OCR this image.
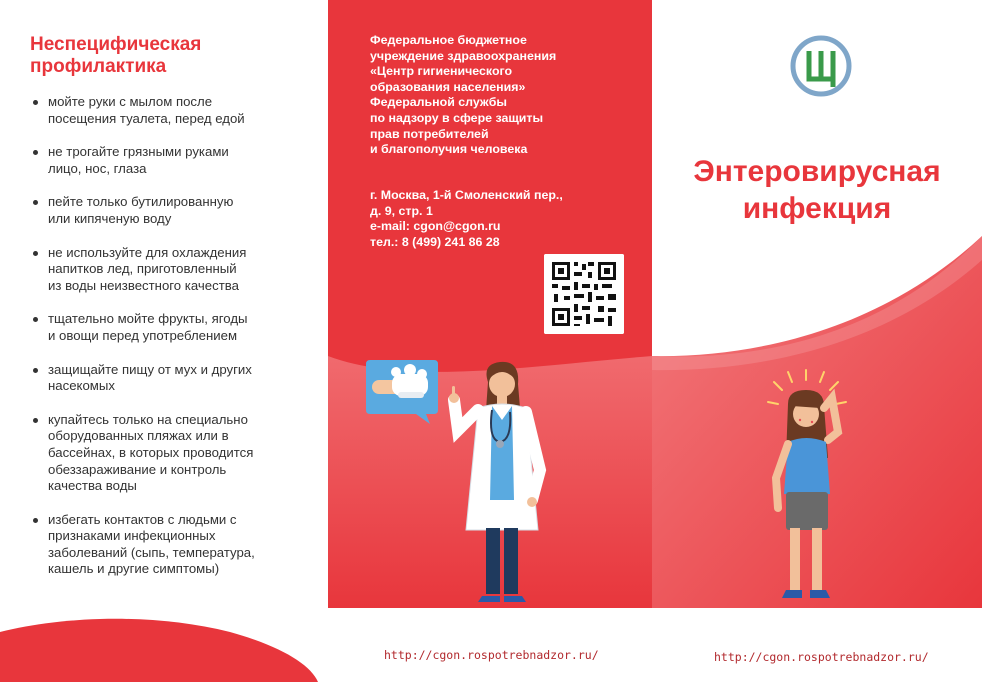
Неспецифическая
профилактика
мойте руки с мылом после
посещения туалета, перед едой
не трогайте грязными руками
лицо, нос, глаза
пейте только бутилированную
или кипяченую воду
не используйте для охлаждения
напитков лед, приготовленный
из воды неизвестного качества
тщательно мойте фрукты, ягоды
и овощи перед употреблением
защищайте пищу от мух и других
насекомых
купайтесь только на специально
оборудованных пляжах или в
бассейнах, в которых проводится
обеззараживание и контроль
качества воды
избегать контактов с людьми с
признаками инфекционных
заболеваний (сыпь, температура,
кашель и другие симптомы)
Федеральное бюджетное
учреждение здравоохранения
«Центр гигиенического
образования населения»
Федеральной службы
по надзору в сфере защиты
прав потребителей
и благополучия человека
г. Москва, 1-й Смоленский пер.,
д. 9, стр. 1
e-mail: cgon@cgon.ru
тел.: 8 (499) 241 86 28
http://cgon.rospotrebnadzor.ru/
Энтеровирусная
инфекция
http://cgon.rospotrebnadzor.ru/
